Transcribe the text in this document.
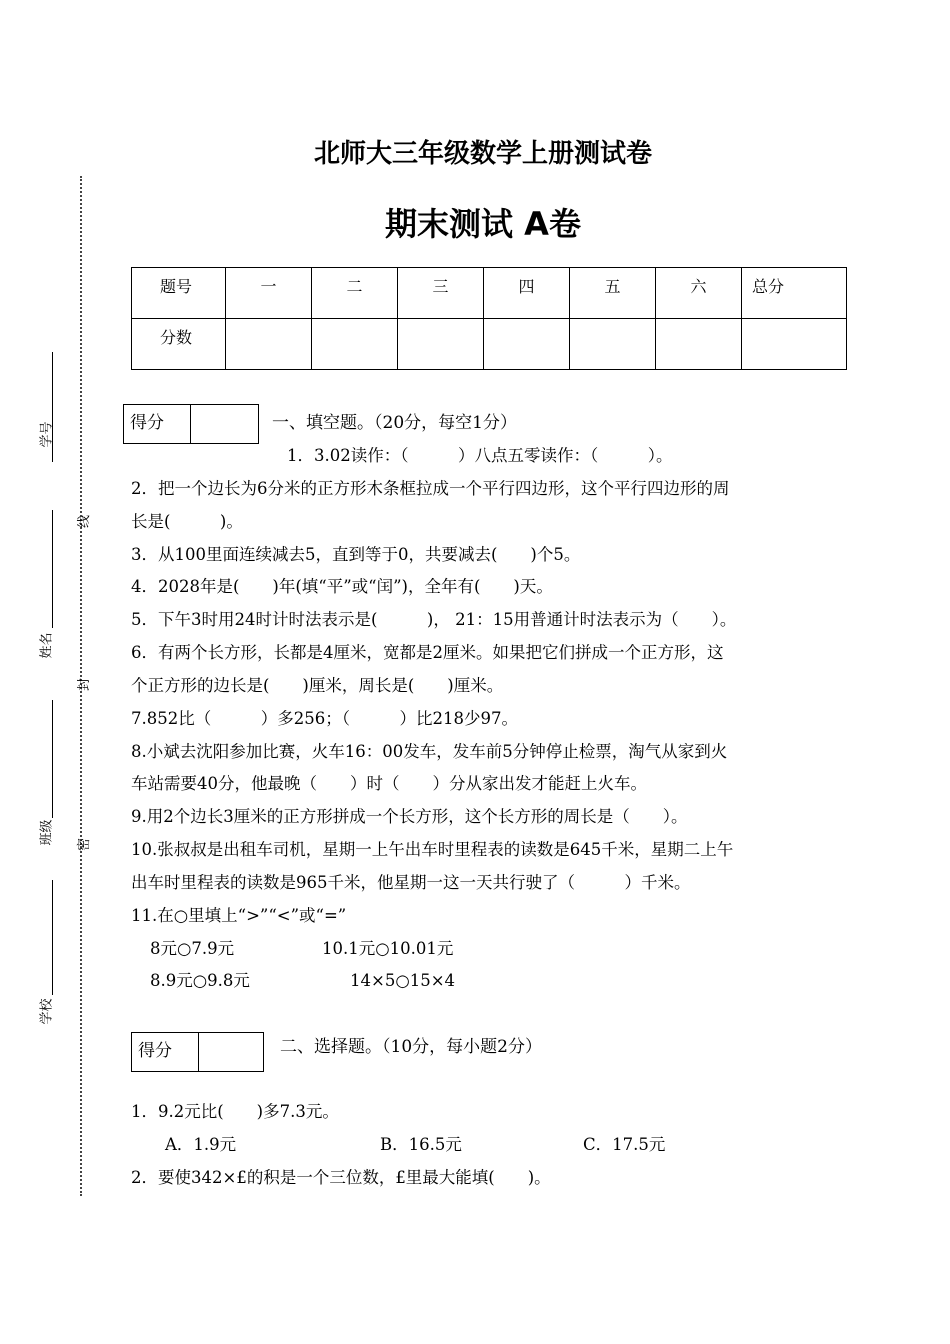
北师大三年级数学上册测试卷
期末测试 A卷
学号
姓名
班级
学校
线
封
密
题号	一	二	三	四	五	六	总分
分数							
得分		一、填空题。（20分，每空1分）
1．3.02读作：（　　　）八点五零读作：（　　　）。
2．把一个边长为6分米的正方形木条框拉成一个平行四边形，这个平行四边形的周
长是(　　　)。
3．从100里面连续减去5，直到等于0，共要减去(　　)个5。
4．2028年是(　　)年(填“平”或“闰”)，全年有(　　)天。
5．下午3时用24时计时法表示是(　　　)， 21：15用普通计时法表示为（　　）。
6．有两个长方形，长都是4厘米，宽都是2厘米。如果把它们拼成一个正方形，这
个正方形的边长是(　　)厘米，周长是(　　)厘米。
7.852比（　　　）多256；（　　　）比218少97。
8.小斌去沈阳参加比赛，火车16：00发车，发车前5分钟停止检票，淘气从家到火
车站需要40分，他最晚（　　）时（　　）分从家出发才能赶上火车。
9.用2个边长3厘米的正方形拼成一个长方形，这个长方形的周长是（　　）。
10.张叔叔是出租车司机，星期一上午出车时里程表的读数是645千米，星期二上午
出车时里程表的读数是965千米，他星期一这一天共行驶了（　　　）千米。
11.在○里填上“>”“<”或“=”
8元○7.9元	10.1元○10.01元
8.9元○9.8元	14×5○15×4
得分		二、选择题。（10分，每小题2分）
1．9.2元比(　　)多7.3元。
A．1.9元	B．16.5元	C．17.5元
2．要使342×£的积是一个三位数，£里最大能填(　　)。
